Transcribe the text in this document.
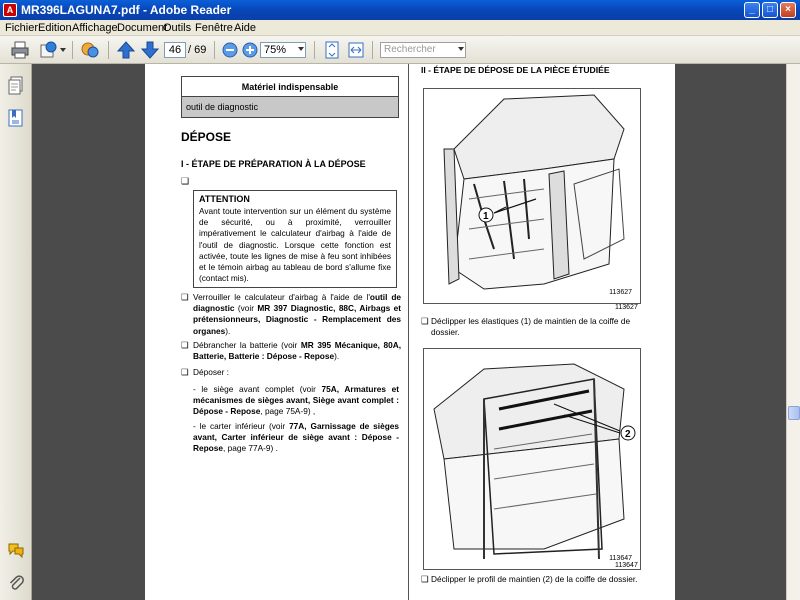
A MR396LAGUNA7.pdf - Adobe Reader	_	□	×
Fichier Edition Affichage Document
Outils Fenêtre Aide
46 / 69	75%	Rechercher
Matériel indispensable
outil de diagnostic
DÉPOSE
I - ÉTAPE DE PRÉPARATION À LA DÉPOSE
❑
ATTENTION
Avant toute intervention sur un élément du système de sécurité, ou à proximité, verrouiller impérativement le calculateur d'airbag à l'aide de l'outil de diagnostic. Lorsque cette fonction est activée, toute les lignes de mise à feu sont inhibées et le témoin airbag au tableau de bord s'allume fixe (contact mis).
❑ Verrouiller le calculateur d'airbag à l'aide de l'outil de diagnostic (voir MR 397 Diagnostic, 88C, Airbags et prétensionneurs, Diagnostic - Remplacement des organes).
❑ Débrancher la batterie (voir MR 395 Mécanique, 80A, Batterie, Batterie : Dépose - Repose).
❑ Déposer :
- le siège avant complet (voir 75A, Armatures et mécanismes de sièges avant, Siège avant complet : Dépose - Repose, page 75A-9) ,
- le carter inférieur (voir 77A, Garnissage de sièges avant, Carter inférieur de siège avant : Dépose - Repose, page 77A-9) .
II - ÉTAPE DE DÉPOSE DE LA PIÈCE ÉTUDIÉE
1
113627
113627
❑ Déclipper les élastiques (1) de maintien de la coiffe de dossier.
2
113647
113647
❑ Déclipper le profil de maintien (2) de la coiffe de dossier.
